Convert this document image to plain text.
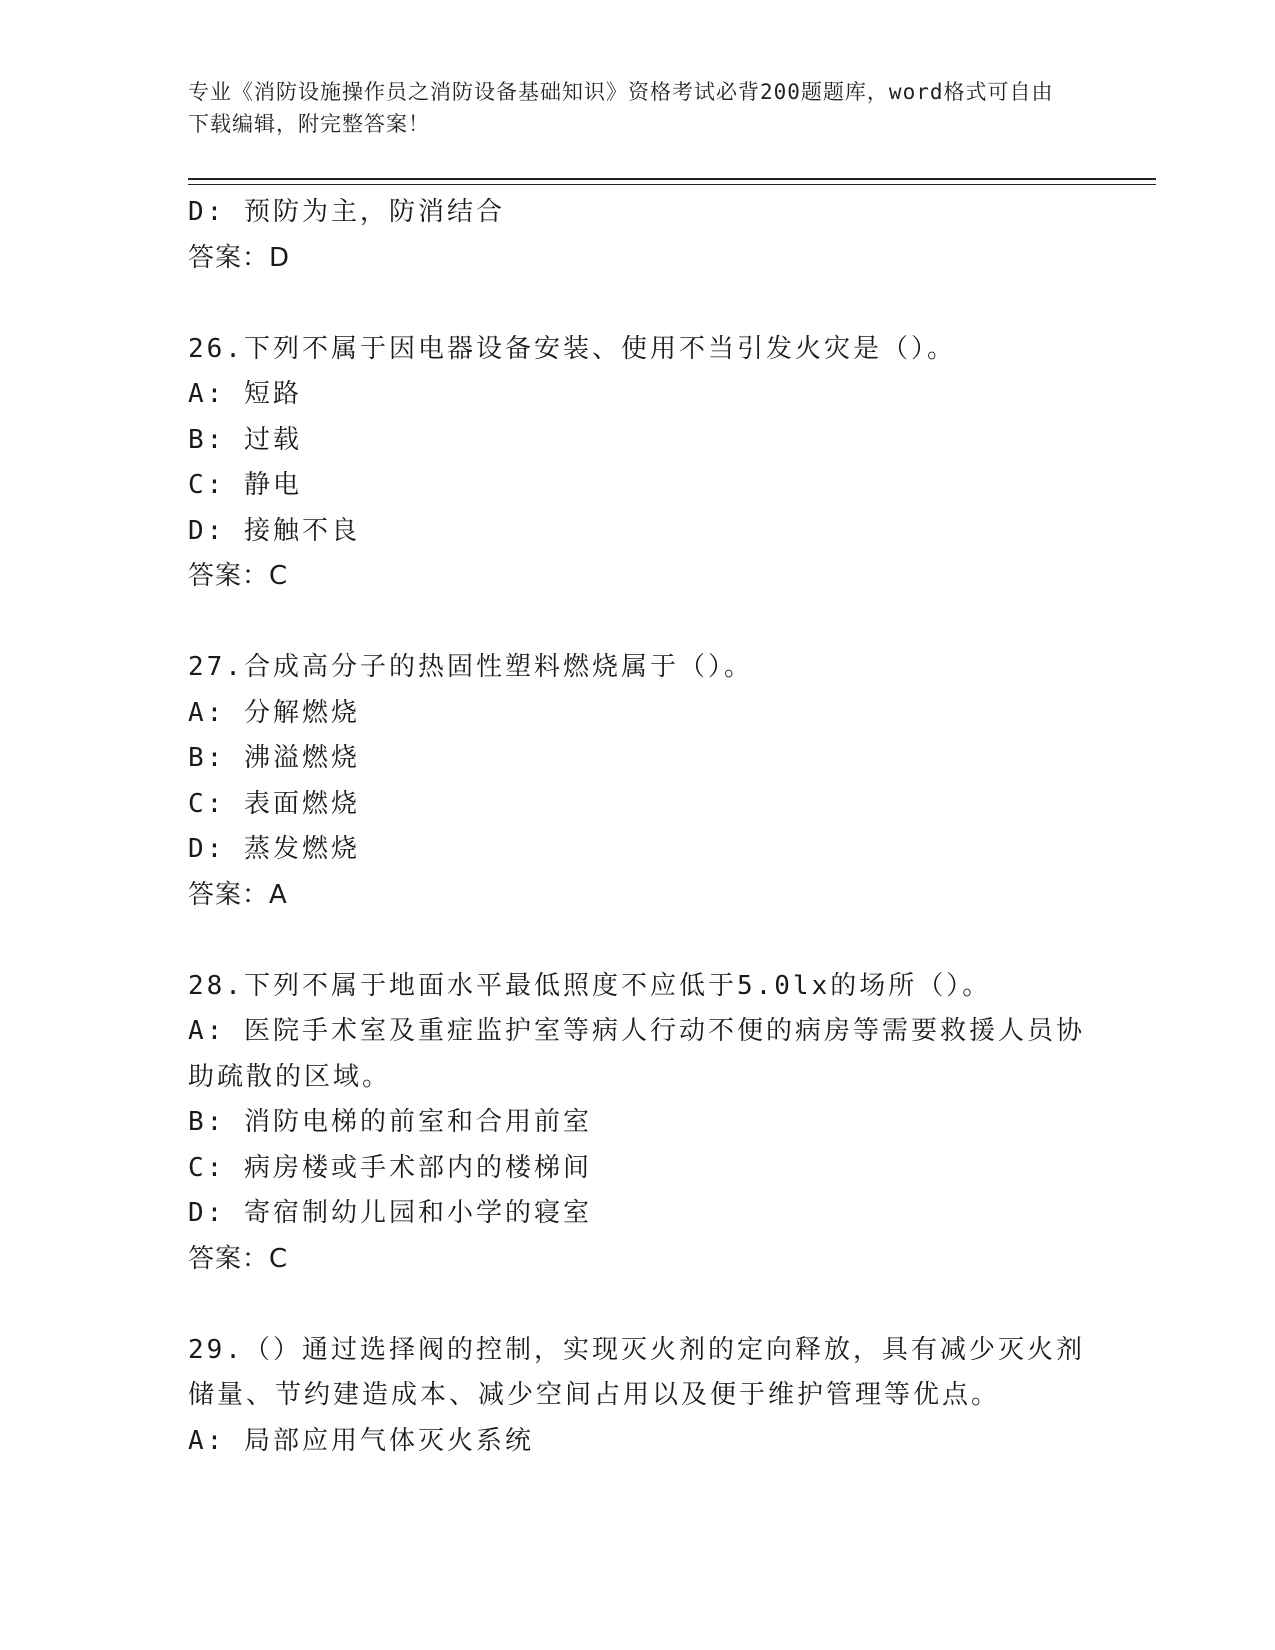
专业《消防设施操作员之消防设备基础知识》资格考试必背200题题库，word格式可自由下载编辑，附完整答案！
D: 预防为主，防消结合
答案：D
26.下列不属于因电器设备安装、使用不当引发火灾是（）。
A: 短路
B: 过载
C: 静电
D: 接触不良
答案：C
27.合成高分子的热固性塑料燃烧属于（）。
A: 分解燃烧
B: 沸溢燃烧
C: 表面燃烧
D: 蒸发燃烧
答案：A
28.下列不属于地面水平最低照度不应低于5.0lx的场所（）。
A: 医院手术室及重症监护室等病人行动不便的病房等需要救援人员协助疏散的区域。
B: 消防电梯的前室和合用前室
C: 病房楼或手术部内的楼梯间
D: 寄宿制幼儿园和小学的寝室
答案：C
29.（）通过选择阀的控制，实现灭火剂的定向释放，具有减少灭火剂储量、节约建造成本、减少空间占用以及便于维护管理等优点。
A: 局部应用气体灭火系统
